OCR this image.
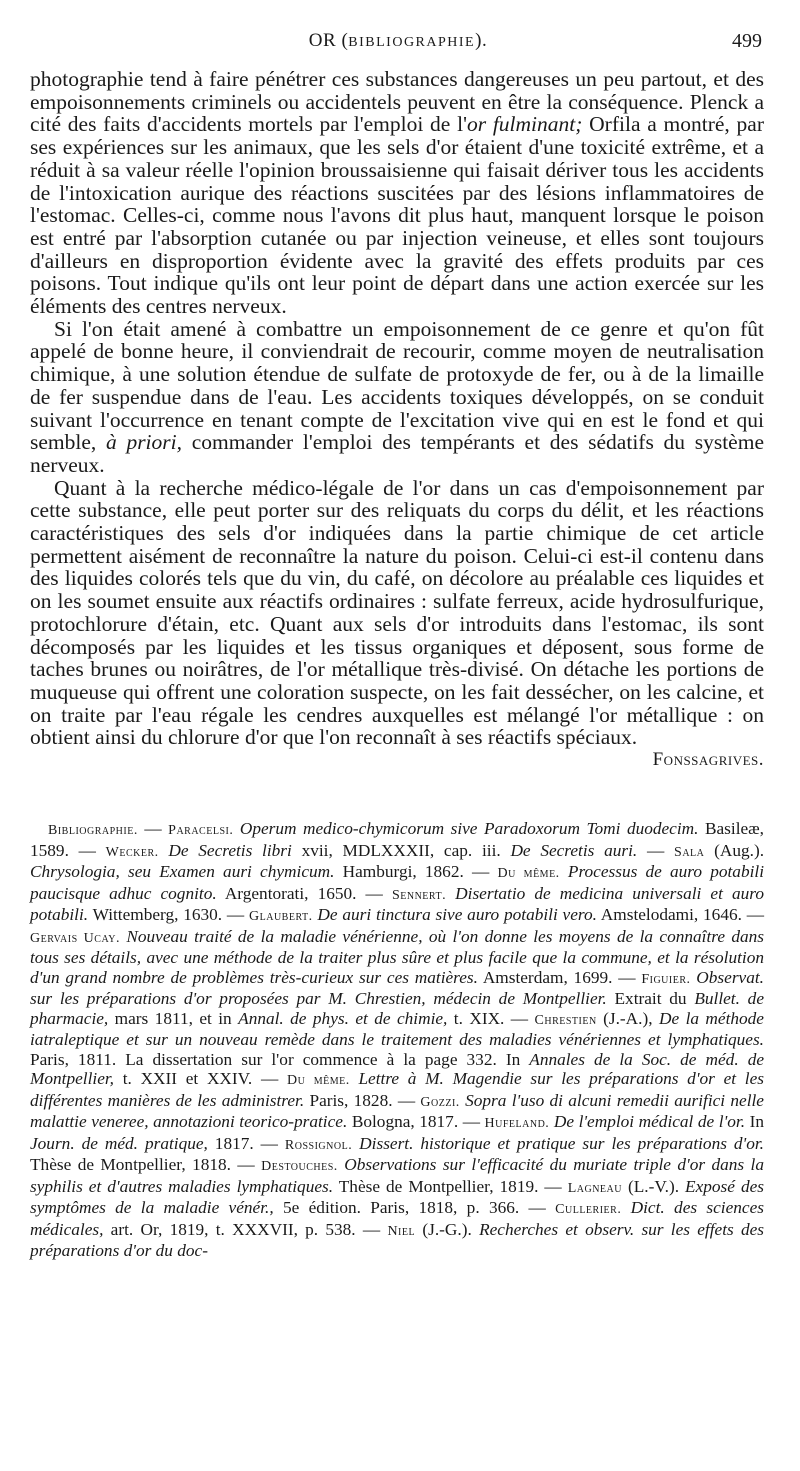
OR (BIBLIOGRAPHIE).	499

photographie tend à faire pénétrer ces substances dangereuses un peu partout, et des empoisonnements criminels ou accidentels peuvent en être la conséquence. Plenck a cité des faits d'accidents mortels par l'emploi de l'or fulminant; Orfila a montré, par ses expériences sur les animaux, que les sels d'or étaient d'une toxicité extrême, et a réduit à sa valeur réelle l'opinion broussaisienne qui faisait dériver tous les accidents de l'intoxication aurique des réactions suscitées par des lésions inflammatoires de l'estomac. Celles-ci, comme nous l'avons dit plus haut, manquent lorsque le poison est entré par l'absorption cutanée ou par injection veineuse, et elles sont toujours d'ailleurs en disproportion évidente avec la gravité des effets produits par ces poisons. Tout indique qu'ils ont leur point de départ dans une action exercée sur les éléments des centres nerveux.

Si l'on était amené à combattre un empoisonnement de ce genre et qu'on fût appelé de bonne heure, il conviendrait de recourir, comme moyen de neutralisation chimique, à une solution étendue de sulfate de protoxyde de fer, ou à de la limaille de fer suspendue dans de l'eau. Les accidents toxiques développés, on se conduit suivant l'occurrence en tenant compte de l'excitation vive qui en est le fond et qui semble, à priori, commander l'emploi des tempérants et des sédatifs du système nerveux.

Quant à la recherche médico-légale de l'or dans un cas d'empoisonnement par cette substance, elle peut porter sur des reliquats du corps du délit, et les réactions caractéristiques des sels d'or indiquées dans la partie chimique de cet article permettent aisément de reconnaître la nature du poison. Celui-ci est-il contenu dans des liquides colorés tels que du vin, du café, on décolore au préalable ces liquides et on les soumet ensuite aux réactifs ordinaires : sulfate ferreux, acide hydrosulfurique, protochlorure d'étain, etc. Quant aux sels d'or introduits dans l'estomac, ils sont décomposés par les liquides et les tissus organiques et déposent, sous forme de taches brunes ou noirâtres, de l'or métallique très-divisé. On détache les portions de muqueuse qui offrent une coloration suspecte, on les fait dessécher, on les calcine, et on traite par l'eau régale les cendres auxquelles est mélangé l'or métallique : on obtient ainsi du chlorure d'or que l'on reconnaît à ses réactifs spéciaux.

Fonssagrives.

Bibliographie. — Paracelsi. Operum medico-chymicorum sive Paradoxorum Tomi duodecim. Basileæ, 1589. — Wecker. De Secretis libri xvii, MDLXXXII, cap. iii. De Secretis auri. — Sala (Aug.). Chrysologia, seu Examen auri chymicum. Hamburgi, 1862. — Du même. Processus de auro potabili paucisque adhuc cognito. Argentorati, 1650. — Sennert. Disertatio de medicina universali et auro potabili. Wittemberg, 1630. — Glaubert. De auri tinctura sive auro potabili vero. Amstelodami, 1646. — Gervais Ucay. Nouveau traité de la maladie vénérienne, où l'on donne les moyens de la connaître dans tous ses détails, avec une méthode de la traiter plus sûre et plus facile que la commune, et la résolution d'un grand nombre de problèmes très-curieux sur ces matières. Amsterdam, 1699. — Figuier. Observat. sur les préparations d'or proposées par M. Chrestien, médecin de Montpellier. Extrait du Bullet. de pharmacie, mars 1811, et in Annal. de phys. et de chimie, t. XIX. — Chrestien (J.-A.), De la méthode iatraleptique et sur un nouveau remède dans le traitement des maladies vénériennes et lymphatiques. Paris, 1811. La dissertation sur l'or commence à la page 332. In Annales de la Soc. de méd. de Montpellier, t. XXII et XXIV. — Du même. Lettre à M. Magendie sur les préparations d'or et les différentes manières de les administrer. Paris, 1828. — Gozzi. Sopra l'uso di alcuni remedii aurifici nelle malattie veneree, annotazioni teorico-pratice. Bologna, 1817. — Hufeland. De l'emploi médical de l'or. In Journ. de méd. pratique, 1817. — Rossignol. Dissert. historique et pratique sur les préparations d'or. Thèse de Montpellier, 1818. — Destouches. Observations sur l'efficacité du muriate triple d'or dans la syphilis et d'autres maladies lymphatiques. Thèse de Montpellier, 1819. — Lagneau (L.-V.). Exposé des symptômes de la maladie vénér., 5e édition. Paris, 1818, p. 366. — Cullerier. Dict. des sciences médicales, art. Or, 1819, t. XXXVII, p. 538. — Niel (J.-G.). Recherches et observ. sur les effets des préparations d'or du doc-
